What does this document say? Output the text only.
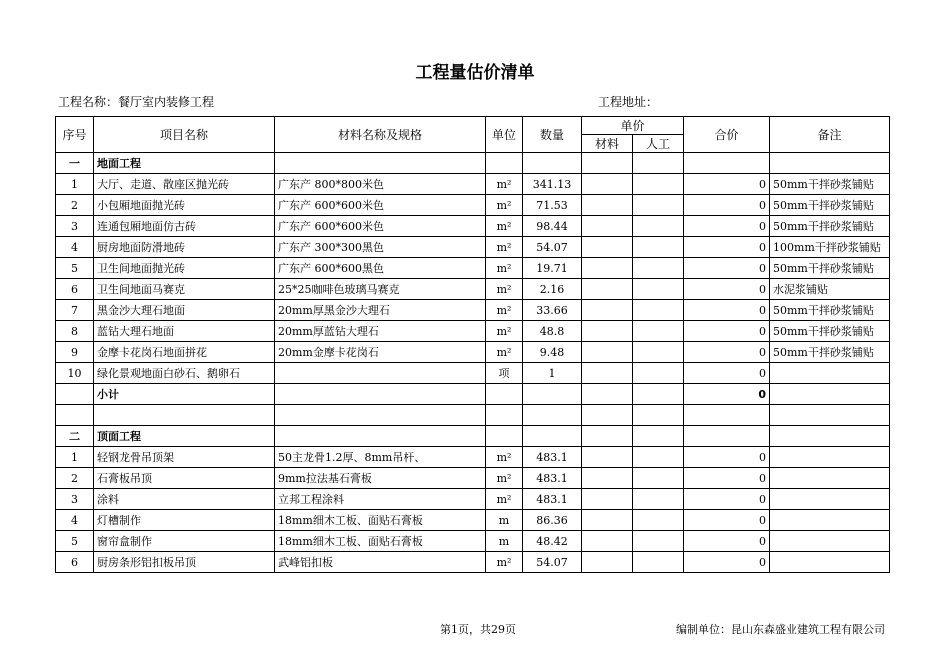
工程量估价清单
工程名称：餐厅室内装修工程	工程地址：
序号	项目名称	材料名称及规格	单位	数量	单价		合价	备注
					材料	人工		
一	地面工程							
1	大厅、走道、散座区抛光砖	广东产 800*800米色	m²	341.13			0	50mm干拌砂浆铺贴
2	小包厢地面抛光砖	广东产 600*600米色	m²	71.53			0	50mm干拌砂浆铺贴
3	连通包厢地面仿古砖	广东产 600*600米色	m²	98.44			0	50mm干拌砂浆铺贴
4	厨房地面防滑地砖	广东产 300*300黑色	m²	54.07			0	100mm干拌砂浆铺贴
5	卫生间地面抛光砖	广东产 600*600黑色	m²	19.71			0	50mm干拌砂浆铺贴
6	卫生间地面马赛克	25*25咖啡色玻璃马赛克	m²	2.16			0	水泥浆铺贴
7	黑金沙大理石地面	20mm厚黑金沙大理石	m²	33.66			0	50mm干拌砂浆铺贴
8	蓝钻大理石地面	20mm厚蓝钻大理石	m²	48.8			0	50mm干拌砂浆铺贴
9	金摩卡花岗石地面拼花	20mm金摩卡花岗石	m²	9.48			0	50mm干拌砂浆铺贴
10	绿化景观地面白砂石、鹅卵石		项	1			0	
	小计						0	

二	顶面工程							
1	轻钢龙骨吊顶架	50主龙骨1.2厚、8mm吊杆、	m²	483.1			0	
2	石膏板吊顶	9mm拉法基石膏板	m²	483.1			0	
3	涂料	立邦工程涂料	m²	483.1			0	
4	灯槽制作	18mm细木工板、面贴石膏板	m	86.36			0	
5	窗帘盒制作	18mm细木工板、面贴石膏板	m	48.42			0	
6	厨房条形铝扣板吊顶	武峰铝扣板	m²	54.07			0	
第1页，共29页	编制单位：昆山东森盛业建筑工程有限公司
